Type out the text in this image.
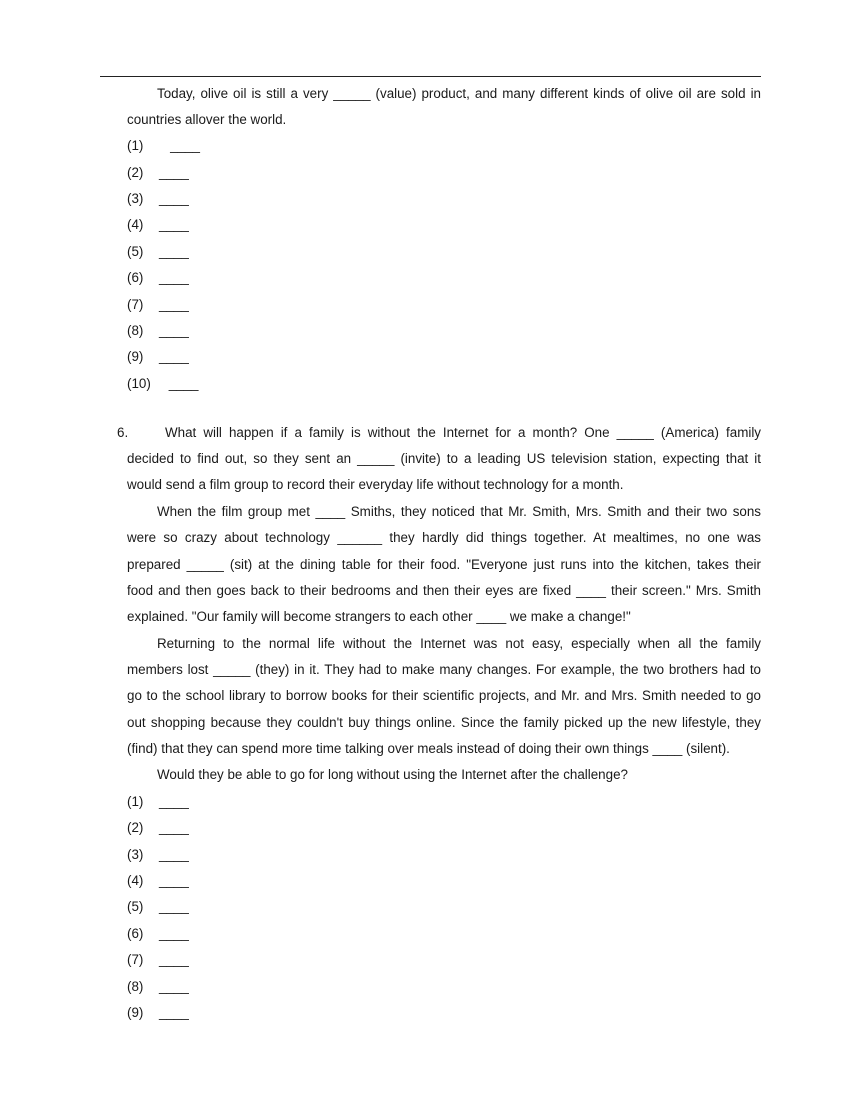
Today, olive oil is still a very _____ (value) product, and many different kinds of olive oil are sold in
countries allover the world.
(1)   ____
(2) ____
(3) ____
(4) ____
(5) ____
(6) ____
(7) ____
(8) ____
(9) ____
(10) ____
6.	What will happen if a family is without the Internet for a month? One _____ (America) family
decided to find out, so they sent an _____ (invite) to a leading US television station, expecting that it
would send a film group to record their everyday life without technology for a month.
When the film group met ____ Smiths, they noticed that Mr. Smith, Mrs. Smith and their two sons
were so crazy about technology ______ they hardly did things together. At mealtimes, no one was
prepared _____ (sit) at the dining table for their food. "Everyone just runs into the kitchen, takes their
food and then goes back to their bedrooms and then their eyes are fixed ____ their screen." Mrs. Smith
explained. "Our family will become strangers to each other ____ we make a change!"
Returning to the normal life without the Internet was not easy, especially when all the family
members lost _____ (they) in it. They had to make many changes. For example, the two brothers had to
go to the school library to borrow books for their scientific projects, and Mr. and Mrs. Smith needed to go
out shopping because they couldn't buy things online. Since the family picked up the new lifestyle, they
(find) that they can spend more time talking over meals instead of doing their own things ____ (silent).
Would they be able to go for long without using the Internet after the challenge?
(1) ____
(2) ____
(3) ____
(4) ____
(5) ____
(6) ____
(7) ____
(8) ____
(9) ____
